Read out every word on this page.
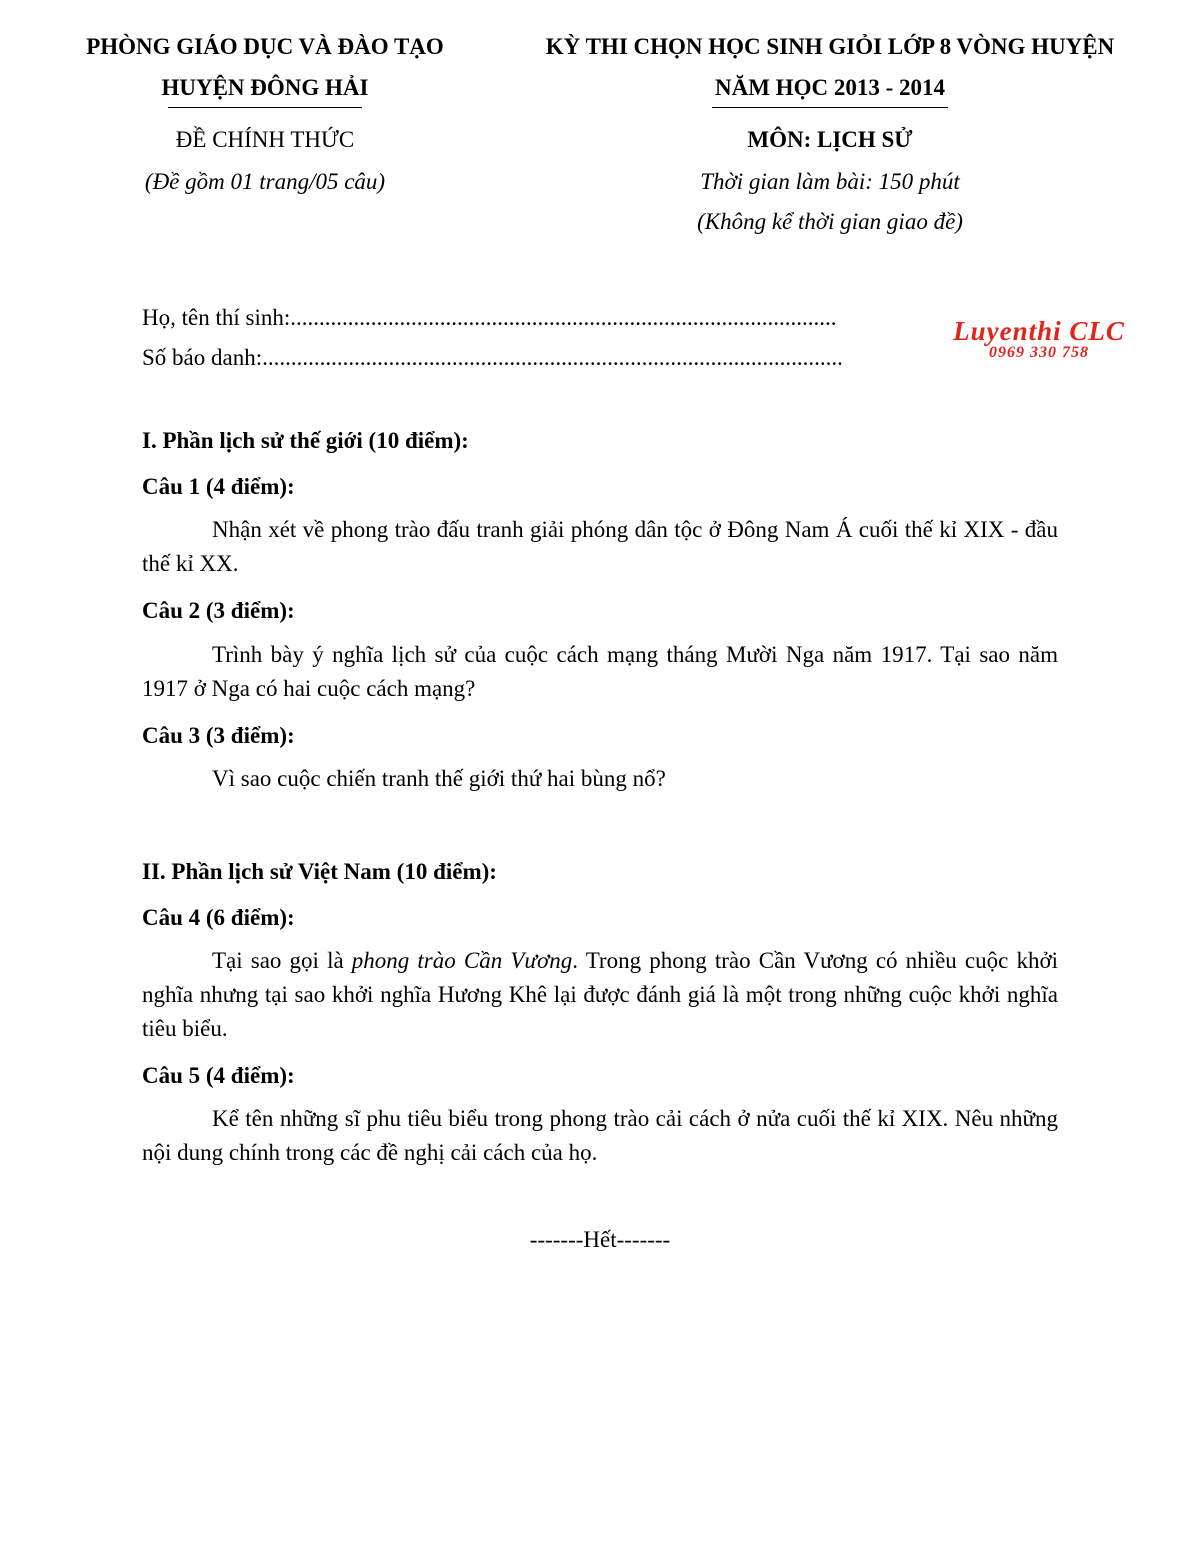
PHÒNG GIÁO DỤC VÀ ĐÀO TẠO
HUYỆN ĐÔNG HẢI
ĐỀ CHÍNH THỨC
(Đề gồm 01 trang/05 câu)
KỲ THI CHỌN HỌC SINH GIỎI LỚP 8 VÒNG HUYỆN
NĂM HỌC 2013 - 2014
MÔN: LỊCH SỬ
Thời gian làm bài: 150 phút
(Không kể thời gian giao đề)
Họ, tên thí sinh:...............................................................................................
Số báo danh:.....................................................................................................
Luyenthi CLC
0969 330 758
I. Phần lịch sử thế giới (10 điểm):
Câu 1 (4 điểm):
Nhận xét về phong trào đấu tranh giải phóng dân tộc ở Đông Nam Á cuối thế kỉ XIX - đầu thế kỉ XX.
Câu 2 (3 điểm):
Trình bày ý nghĩa lịch sử của cuộc cách mạng tháng Mười Nga năm 1917. Tại sao năm 1917 ở Nga có hai cuộc cách mạng?
Câu 3 (3 điểm):
Vì sao cuộc chiến tranh thế giới thứ hai bùng nổ?
II. Phần lịch sử Việt Nam (10 điểm):
Câu 4 (6 điểm):
Tại sao gọi là phong trào Cần Vương. Trong phong trào Cần Vương có nhiều cuộc khởi nghĩa nhưng tại sao khởi nghĩa Hương Khê lại được đánh giá là một trong những cuộc khởi nghĩa tiêu biểu.
Câu 5 (4 điểm):
Kể tên những sĩ phu tiêu biểu trong phong trào cải cách ở nửa cuối thế kỉ XIX. Nêu những nội dung chính trong các đề nghị cải cách của họ.
-------Hết-------
